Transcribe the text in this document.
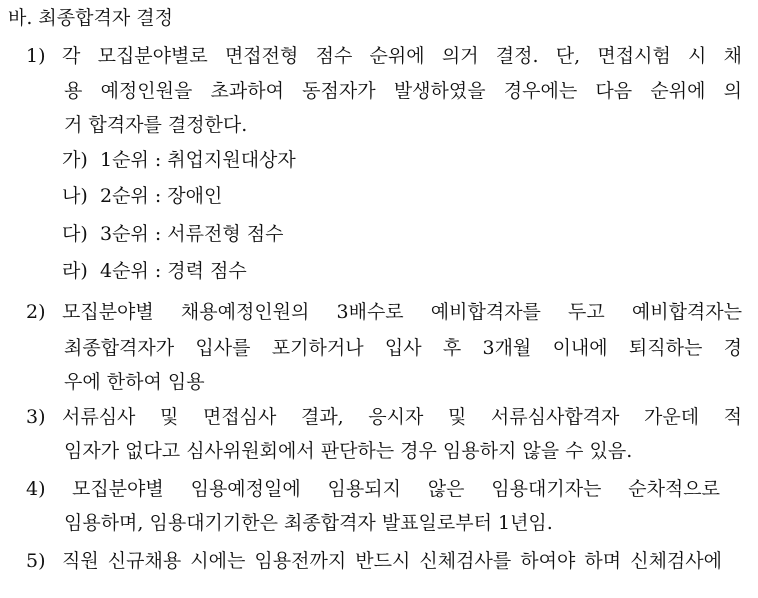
바. 최종합격자 결정
1) 각 모집분야별로 면접전형 점수 순위에 의거 결정. 단, 면접시험 시 채
용 예정인원을 초과하여 동점자가 발생하였을 경우에는 다음 순위에 의
거 합격자를 결정한다.
가) 1순위 : 취업지원대상자
나) 2순위 : 장애인
다) 3순위 : 서류전형 점수
라) 4순위 : 경력 점수
2) 모집분야별 채용예정인원의 3배수로 예비합격자를 두고 예비합격자는
최종합격자가 입사를 포기하거나 입사 후 3개월 이내에 퇴직하는 경
우에 한하여 임용
3) 서류심사 및 면접심사 결과, 응시자 및 서류심사합격자 가운데 적
임자가 없다고 심사위원회에서 판단하는 경우 임용하지 않을 수 있음.
4) 모집분야별 임용예정일에 임용되지 않은 임용대기자는 순차적으로
임용하며, 임용대기기한은 최종합격자 발표일로부터 1년임.
5) 직원 신규채용 시에는 임용전까지 반드시 신체검사를 하여야 하며 신체검사에
